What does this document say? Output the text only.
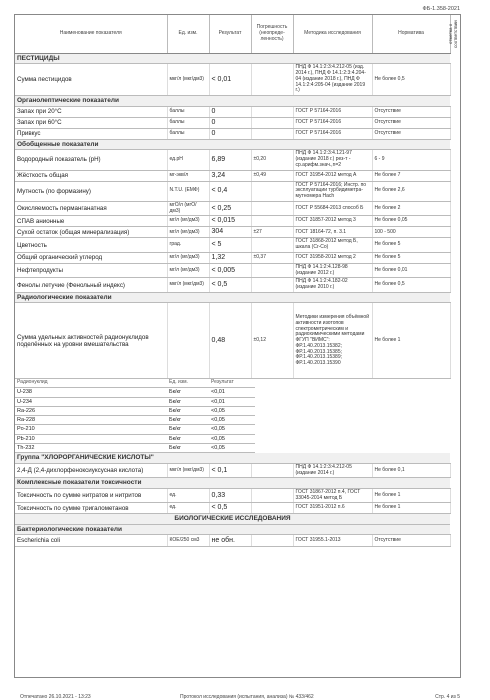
ФБ-1.358-2021
отметка о соответствии
Наименование показателя	Ед. изм.	Результат	Погрешность (неопреде-ленность)	Методика исследования	Норматива
ПЕСТИЦИДЫ					
Сумма пестицидов	мкг/л (мкг/дм3)	< 0,01		ПНД Ф 14.1:2:3:4.212-05 (изд. 2014 г.), ПНД Ф 14.1:2:3:4.204-04 (издание 2018 г.), ПНД Ф 14.1:2:4:205-04 (издание 2019 г.)	Не более 0,5
Органолептические показатели					
Запах при 20°С	баллы	0		ГОСТ Р 57164-2016	Отсутствие
Запах при 60°С	баллы	0		ГОСТ Р 57164-2016	Отсутствие
Привкус	баллы	0		ГОСТ Р 57164-2016	Отсутствие
Обобщенные показатели					
Водородный показатель (pH)	ед.рН	6,89	±0,20	ПНД Ф 14.1:2:3:4.121-97 (издание 2018 г.) рез-т - ср.арифм.знач.,n=2	6 - 9
Жёсткость общая	мг-экв/л	3,24	±0,49	ГОСТ 31954-2012 метод А	Не более 7
Мутность (по формазину)	N.T.U. (ЕМФ)	< 0,4		ГОСТ Р 57164-2016; Инстр. по эксплуатации турбидиметра-мутномера Hach	Не более 2,6
Окисляемость перманганатная	мгО/л (мгО/дм3)	< 0,25		ГОСТ Р 55684-2013 способ Б	Не более 2
СПАВ анионные	мг/л (мг/дм3)	< 0,015		ГОСТ 31857-2012 метод 3	Не более 0,05
Сухой остаток (общая минерализация)	мг/л (мг/дм3)	304	±27	ГОСТ 18164-72, п. 3.1	100 - 500
Цветность	град.	< 5		ГОСТ 31868-2012 метод Б, шкала (Cr-Co)	Не более 5
Общий органический углерод	мг/л (мг/дм3)	1,32	±0,37	ГОСТ 31958-2012 метод 2	Не более 5
Нефтепродукты	мг/л (мг/дм3)	< 0,005		ПНД Ф 14.1:2:4.128-98 (издание 2012 г.)	Не более 0,01
Фенолы летучие (Фенольный индекс)	мкг/л (мкг/дм3)	< 0,5		ПНД Ф 14.1:2:4.182-02 (издание 2010 г.)	Не более 0,5
Радиологические показатели					
Сумма удельных активностей радионуклидов поделённых на уровни вмешательства		0,48	±0,12	Методики измерения объёмной активности изотопов спектрометрическим и радиохимическими методами ФГУП "ВИМС": ФР.1.40.2013.15382; ФР.1.40.2013.15385; ФР.1.40.2013.15389; ФР.1.40.2013.15390	Не более 1
Радионуклид	Ед. изм.	Результат
U-238	Бк/кг	<0,01
U-234	Бк/кг	<0,01
Ra-226	Бк/кг	<0,05
Ra-228	Бк/кг	<0,05
Po-210	Бк/кг	<0,05
Pb-210	Бк/кг	<0,05
Th-232	Бк/кг	<0,05
Группа "ХЛОРОРГАНИЧЕСКИЕ КИСЛОТЫ"					
2,4-Д (2,4-дихлорфеноксиуксусная кислота)	мкг/л (мкг/дм3)	< 0,1		ПНД Ф 14.1:2:3:4.212-05 (издание 2014 г.)	Не более 0,1
Комплексные показатели токсичности					
Токсичность по сумме нитратов и нитритов	ед.	0,33		ГОСТ 31867-2012 п.4, ГОСТ 33045-2014 метод Б	Не более 1
Токсичность по сумме тригалометанов	ед.	< 0,5		ГОСТ 31951-2012 п.6	Не более 1
БИОЛОГИЧЕСКИЕ ИССЛЕДОВАНИЯ					
Бактериологические показатели					
Escherichia coli	КОЕ/250 см3	не обн.		ГОСТ 31955.1-2013	Отсутствие
Отпечатано 26.10.2021 - 13:23	Протокол исследования (испытания, анализа) № 433/462	Стр. 4 из 5
